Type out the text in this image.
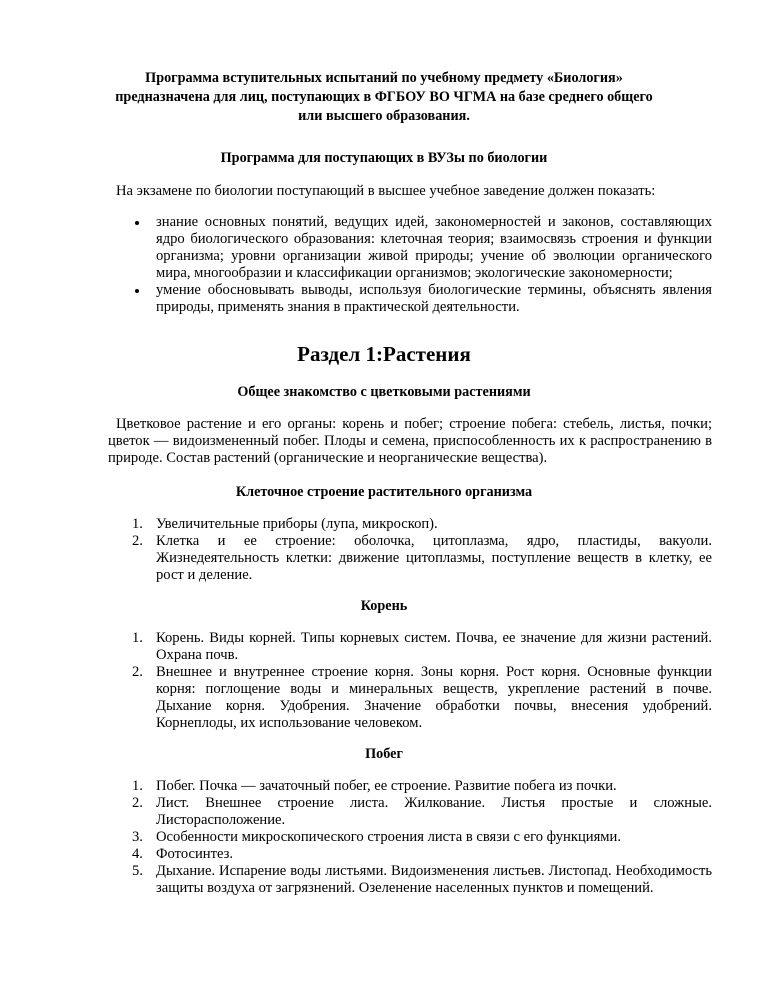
Программа вступительных испытаний по учебному предмету «Биология»
предназначена для лиц, поступающих в ФГБОУ ВО ЧГМА на базе среднего общего
или высшего образования.
Программа для поступающих в ВУЗы по биологии
На экзамене по биологии поступающий в высшее учебное заведение должен показать:
знание основных понятий, ведущих идей, закономерностей и законов, составляющих ядро биологического образования: клеточная теория; взаимосвязь строения и функции организма; уровни организации живой природы; учение об эволюции органического мира, многообразии и классификации организмов; экологические закономерности;
умение обосновывать выводы, используя биологические термины, объяснять явления природы, применять знания в практической деятельности.
Раздел 1:Растения
Общее знакомство с цветковыми растениями
Цветковое растение и его органы: корень и побег; строение побега: стебель, листья, почки; цветок — видоизмененный побег. Плоды и семена, приспособленность их к распространению в природе. Состав растений (органические и неорганические вещества).
Клеточное строение растительного организма
1. Увеличительные приборы (лупа, микроскоп).
2. Клетка и ее строение: оболочка, цитоплазма, ядро, пластиды, вакуоли. Жизнедеятельность клетки: движение цитоплазмы, поступление веществ в клетку, ее рост и деление.
Корень
1. Корень. Виды корней. Типы корневых систем. Почва, ее значение для жизни растений. Охрана почв.
2. Внешнее и внутреннее строение корня. Зоны корня. Рост корня. Основные функции корня: поглощение воды и минеральных веществ, укрепление растений в почве. Дыхание корня. Удобрения. Значение обработки почвы, внесения удобрений. Корнеплоды, их использование человеком.
Побег
1. Побег. Почка — зачаточный побег, ее строение. Развитие побега из почки.
2. Лист. Внешнее строение листа. Жилкование. Листья простые и сложные. Листорасположение.
3. Особенности микроскопического строения листа в связи с его функциями.
4. Фотосинтез.
5. Дыхание. Испарение воды листьями. Видоизменения листьев. Листопад. Необходимость защиты воздуха от загрязнений. Озеленение населенных пунктов и помещений.
